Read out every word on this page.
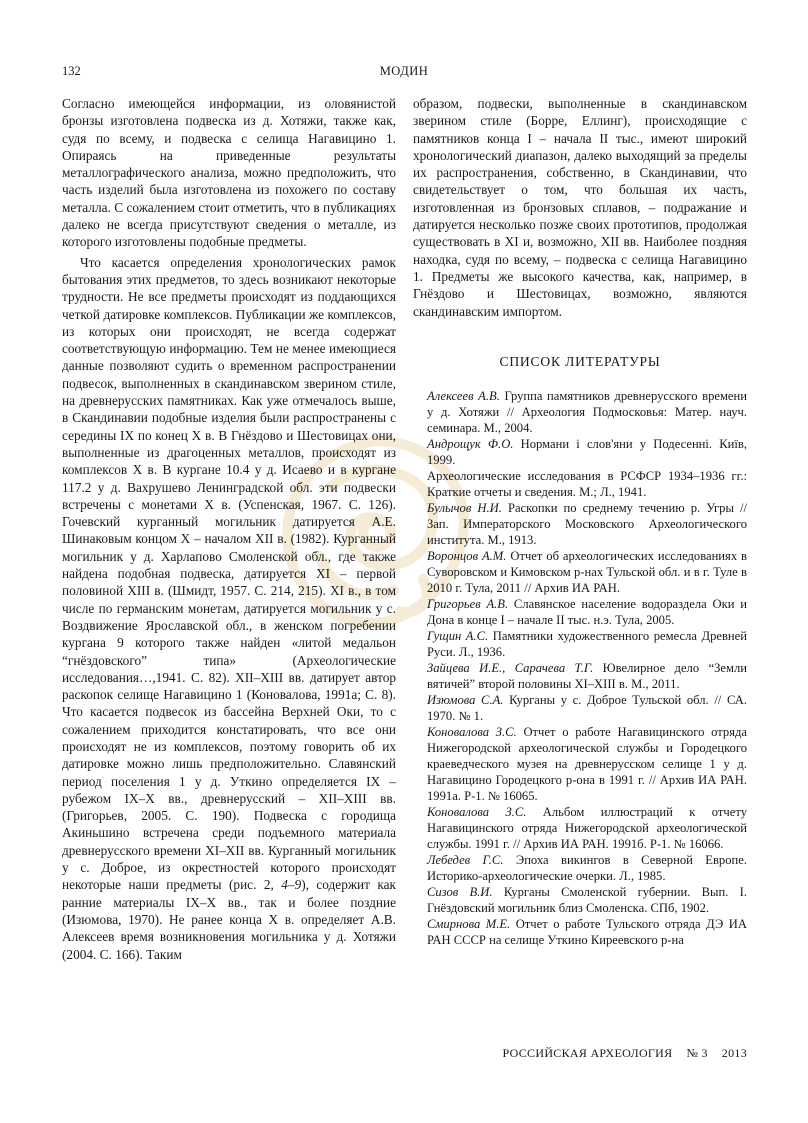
132	МОДИН

Согласно имеющейся информации, из оловянистой бронзы изготовлена подвеска из д. Хотяжи, также как, судя по всему, и подвеска с селища Нагавицино 1. Опираясь на приведенные результаты металлографического анализа, можно предположить, что часть изделий была изготовлена из похожего по составу металла. С сожалением стоит отметить, что в публикациях далеко не всегда присутствуют сведения о металле, из которого изготовлены подобные предметы.

Что касается определения хронологических рамок бытования этих предметов, то здесь возникают некоторые трудности. Не все предметы происходят из поддающихся четкой датировке комплексов. Публикации же комплексов, из которых они происходят, не всегда содержат соответствующую информацию. Тем не менее имеющиеся данные позволяют судить о временном распространении подвесок, выполненных в скандинавском зверином стиле, на древнерусских памятниках. Как уже отмечалось выше, в Скандинавии подобные изделия были распространены с середины IX по конец X в. В Гнёздово и Шестовицах они, выполненные из драгоценных металлов, происходят из комплексов X в. В кургане 10.4 у д. Исаево и в кургане 117.2 у д. Вахрушево Ленинградской обл. эти подвески встречены с монетами X в. (Успенская, 1967. С. 126). Гочевский курганный могильник датируется А.Е. Шинаковым концом X – началом XII в. (1982). Курганный могильник у д. Харлапово Смоленской обл., где также найдена подобная подвеска, датируется XI – первой половиной XIII в. (Шмидт, 1957. С. 214, 215). XI в., в том числе по германским монетам, датируется могильник у с. Воздвижение Ярославской обл., в женском погребении кургана 9 которого также найден «литой медальон “гнёздовского” типа» (Археологические исследования…,1941. С. 82). XII–XIII вв. датирует автор раскопок селище Нагавицино 1 (Коновалова, 1991а; С. 8). Что касается подвесок из бассейна Верхней Оки, то с сожалением приходится констатировать, что все они происходят не из комплексов, поэтому говорить об их датировке можно лишь предположительно. Славянский период поселения 1 у д. Уткино определяется IX – рубежом IX–X вв., древнерусский – XII–XIII вв. (Григорьев, 2005. С. 190). Подвеска с городища Акиньшино встречена среди подъемного материала древнерусского времени XI–XII вв. Курганный могильник у с. Доброе, из окрестностей которого происходят некоторые наши предметы (рис. 2, 4–9), содержит как ранние материалы IX–X вв., так и более поздние (Изюмова, 1970). Не ранее конца X в. определяет А.В. Алексеев время возникновения могильника у д. Хотяжи (2004. С. 166). Таким

образом, подвески, выполненные в скандинавском зверином стиле (Борре, Еллинг), происходящие с памятников конца I – начала II тыс., имеют широкий хронологический диапазон, далеко выходящий за пределы их распространения, собственно, в Скандинавии, что свидетельствует о том, что большая их часть, изготовленная из бронзовых сплавов, – подражание и датируется несколько позже своих прототипов, продолжая существовать в XI и, возможно, XII вв. Наиболее поздняя находка, судя по всему, – подвеска с селища Нагавицино 1. Предметы же высокого качества, как, например, в Гнёздово и Шестовицах, возможно, являются скандинавским импортом.

СПИСОК ЛИТЕРАТУРЫ

Алексеев А.В. Группа памятников древнерусского времени у д. Хотяжи // Археология Подмосковья: Матер. науч. семинара. М., 2004.

Андрощук Ф.О. Нормани і слов'яни у Подесенні. Київ, 1999.

Археологические исследования в РСФСР 1934–1936 гг.: Краткие отчеты и сведения. М.; Л., 1941.

Булычов Н.И. Раскопки по среднему течению р. Угры // Зап. Императорского Московского Археологического института. М., 1913.

Воронцов А.М. Отчет об археологических исследованиях в Суворовском и Кимовском р-нах Тульской обл. и в г. Туле в 2010 г. Тула, 2011 // Архив ИА РАН.

Григорьев А.В. Славянское население водораздела Оки и Дона в конце I – начале II тыс. н.э. Тула, 2005.

Гущин А.С. Памятники художественного ремесла Древней Руси. Л., 1936.

Зайцева И.Е., Сарачева Т.Г. Ювелирное дело “Земли вятичей” второй половины XI–XIII в. М., 2011.

Изюмова С.А. Курганы у с. Доброе Тульской обл. // СА. 1970. № 1.

Коновалова З.С. Отчет о работе Нагавицинского отряда Нижегородской археологической службы и Городецкого краеведческого музея на древнерусском селище 1 у д. Нагавицино Городецкого р-она в 1991 г. // Архив ИА РАН. 1991а. Р-1. № 16065.

Коновалова З.С. Альбом иллюстраций к отчету Нагавицинского отряда Нижегородской археологической службы. 1991 г. // Архив ИА РАН. 1991б. Р-1. № 16066.

Лебедев Г.С. Эпоха викингов в Северной Европе. Историко-археологические очерки. Л., 1985.

Сизов В.И. Курганы Смоленской губернии. Вып. I. Гнёздовский могильник близ Смоленска. СПб, 1902.

Смирнова М.Е. Отчет о работе Тульского отряда ДЭ ИА РАН СССР на селище Уткино Киреевского р-на

РОССИЙСКАЯ АРХЕОЛОГИЯ № 3 2013
